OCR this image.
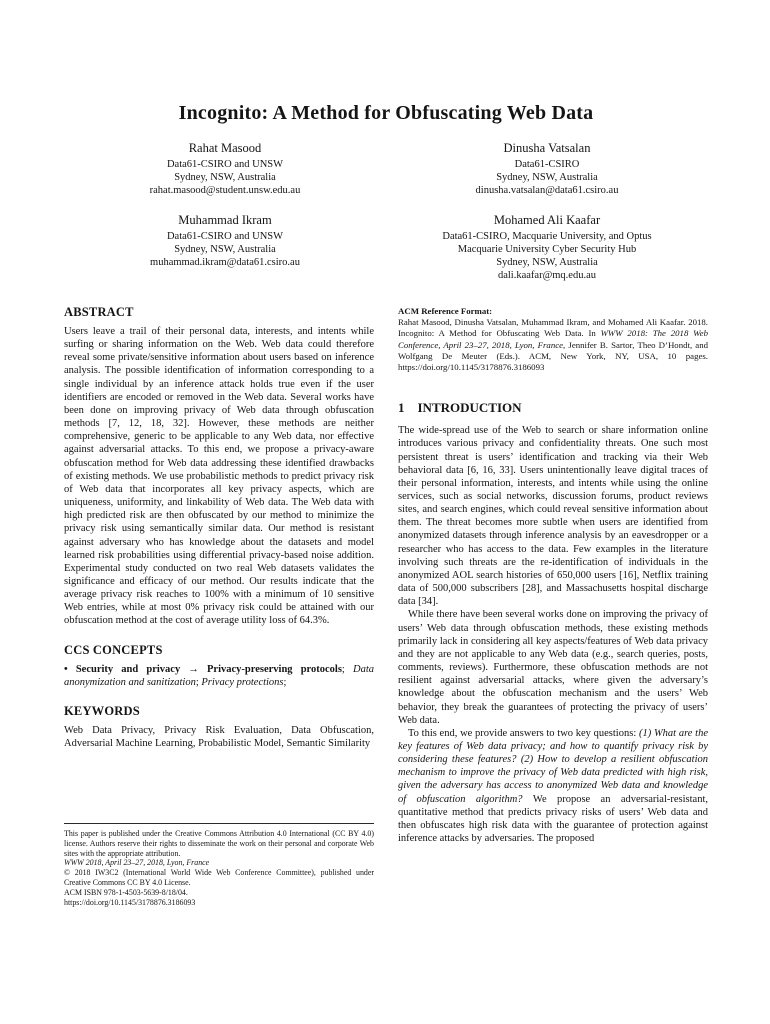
Incognito: A Method for Obfuscating Web Data
Rahat Masood
Data61-CSIRO and UNSW
Sydney, NSW, Australia
rahat.masood@student.unsw.edu.au
Dinusha Vatsalan
Data61-CSIRO
Sydney, NSW, Australia
dinusha.vatsalan@data61.csiro.au
Muhammad Ikram
Data61-CSIRO and UNSW
Sydney, NSW, Australia
muhammad.ikram@data61.csiro.au
Mohamed Ali Kaafar
Data61-CSIRO, Macquarie University, and Optus
Macquarie University Cyber Security Hub
Sydney, NSW, Australia
dali.kaafar@mq.edu.au
ABSTRACT

Users leave a trail of their personal data, interests, and intents while surfing or sharing information on the Web. Web data could therefore reveal some private/sensitive information about users based on inference analysis. The possible identification of information corresponding to a single individual by an inference attack holds true even if the user identifiers are encoded or removed in the Web data. Several works have been done on improving privacy of Web data through obfuscation methods [7, 12, 18, 32]. However, these methods are neither comprehensive, generic to be applicable to any Web data, nor effective against adversarial attacks. To this end, we propose a privacy-aware obfuscation method for Web data addressing these identified drawbacks of existing methods. We use probabilistic methods to predict privacy risk of Web data that incorporates all key privacy aspects, which are uniqueness, uniformity, and linkability of Web data. The Web data with high predicted risk are then obfuscated by our method to minimize the privacy risk using semantically similar data. Our method is resistant against adversary who has knowledge about the datasets and model learned risk probabilities using differential privacy-based noise addition. Experimental study conducted on two real Web datasets validates the significance and efficacy of our method. Our results indicate that the average privacy risk reaches to 100% with a minimum of 10 sensitive Web entries, while at most 0% privacy risk could be attained with our obfuscation method at the cost of average utility loss of 64.3%.

CCS CONCEPTS

• Security and privacy → Privacy-preserving protocols; Data anonymization and sanitization; Privacy protections;

KEYWORDS

Web Data Privacy, Privacy Risk Evaluation, Data Obfuscation, Adversarial Machine Learning, Probabilistic Model, Semantic Similarity

This paper is published under the Creative Commons Attribution 4.0 International (CC BY 4.0) license. Authors reserve their rights to disseminate the work on their personal and corporate Web sites with the appropriate attribution.

WWW 2018, April 23–27, 2018, Lyon, France

© 2018 IW3C2 (International World Wide Web Conference Committee), published under Creative Commons CC BY 4.0 License.

ACM ISBN 978-1-4503-5639-8/18/04.

https://doi.org/10.1145/3178876.3186093

ACM Reference Format:

Rahat Masood, Dinusha Vatsalan, Muhammad Ikram, and Mohamed Ali Kaafar. 2018. Incognito: A Method for Obfuscating Web Data. In WWW 2018: The 2018 Web Conference, April 23–27, 2018, Lyon, France, Jennifer B. Sartor, Theo D’Hondt, and Wolfgang De Meuter (Eds.). ACM, New York, NY, USA, 10 pages. https://doi.org/10.1145/3178876.3186093

1 INTRODUCTION

The wide-spread use of the Web to search or share information online introduces various privacy and confidentiality threats. One such most persistent threat is users’ identification and tracking via their Web behavioral data [6, 16, 33]. Users unintentionally leave digital traces of their personal information, interests, and intents while using the online services, such as social networks, discussion forums, product reviews sites, and search engines, which could reveal sensitive information about them. The threat becomes more subtle when users are identified from anonymized datasets through inference analysis by an eavesdropper or a researcher who has access to the data. Few examples in the literature involving such threats are the re-identification of individuals in the anonymized AOL search histories of 650,000 users [16], Netflix training data of 500,000 subscribers [28], and Massachusetts hospital discharge data [34].

While there have been several works done on improving the privacy of users’ Web data through obfuscation methods, these existing methods primarily lack in considering all key aspects/features of Web data privacy and they are not applicable to any Web data (e.g., search queries, posts, comments, reviews). Furthermore, these obfuscation methods are not resilient against adversarial attacks, where given the adversary’s knowledge about the obfuscation mechanism and the users’ Web behavior, they break the guarantees of protecting the privacy of users’ Web data.

To this end, we provide answers to two key questions: (1) What are the key features of Web data privacy; and how to quantify privacy risk by considering these features? (2) How to develop a resilient obfuscation mechanism to improve the privacy of Web data predicted with high risk, given the adversary has access to anonymized Web data and knowledge of obfuscation algorithm? We propose an adversarial-resistant, quantitative method that predicts privacy risks of users’ Web data and then obfuscates high risk data with the guarantee of protection against inference attacks by adversaries. The proposed
